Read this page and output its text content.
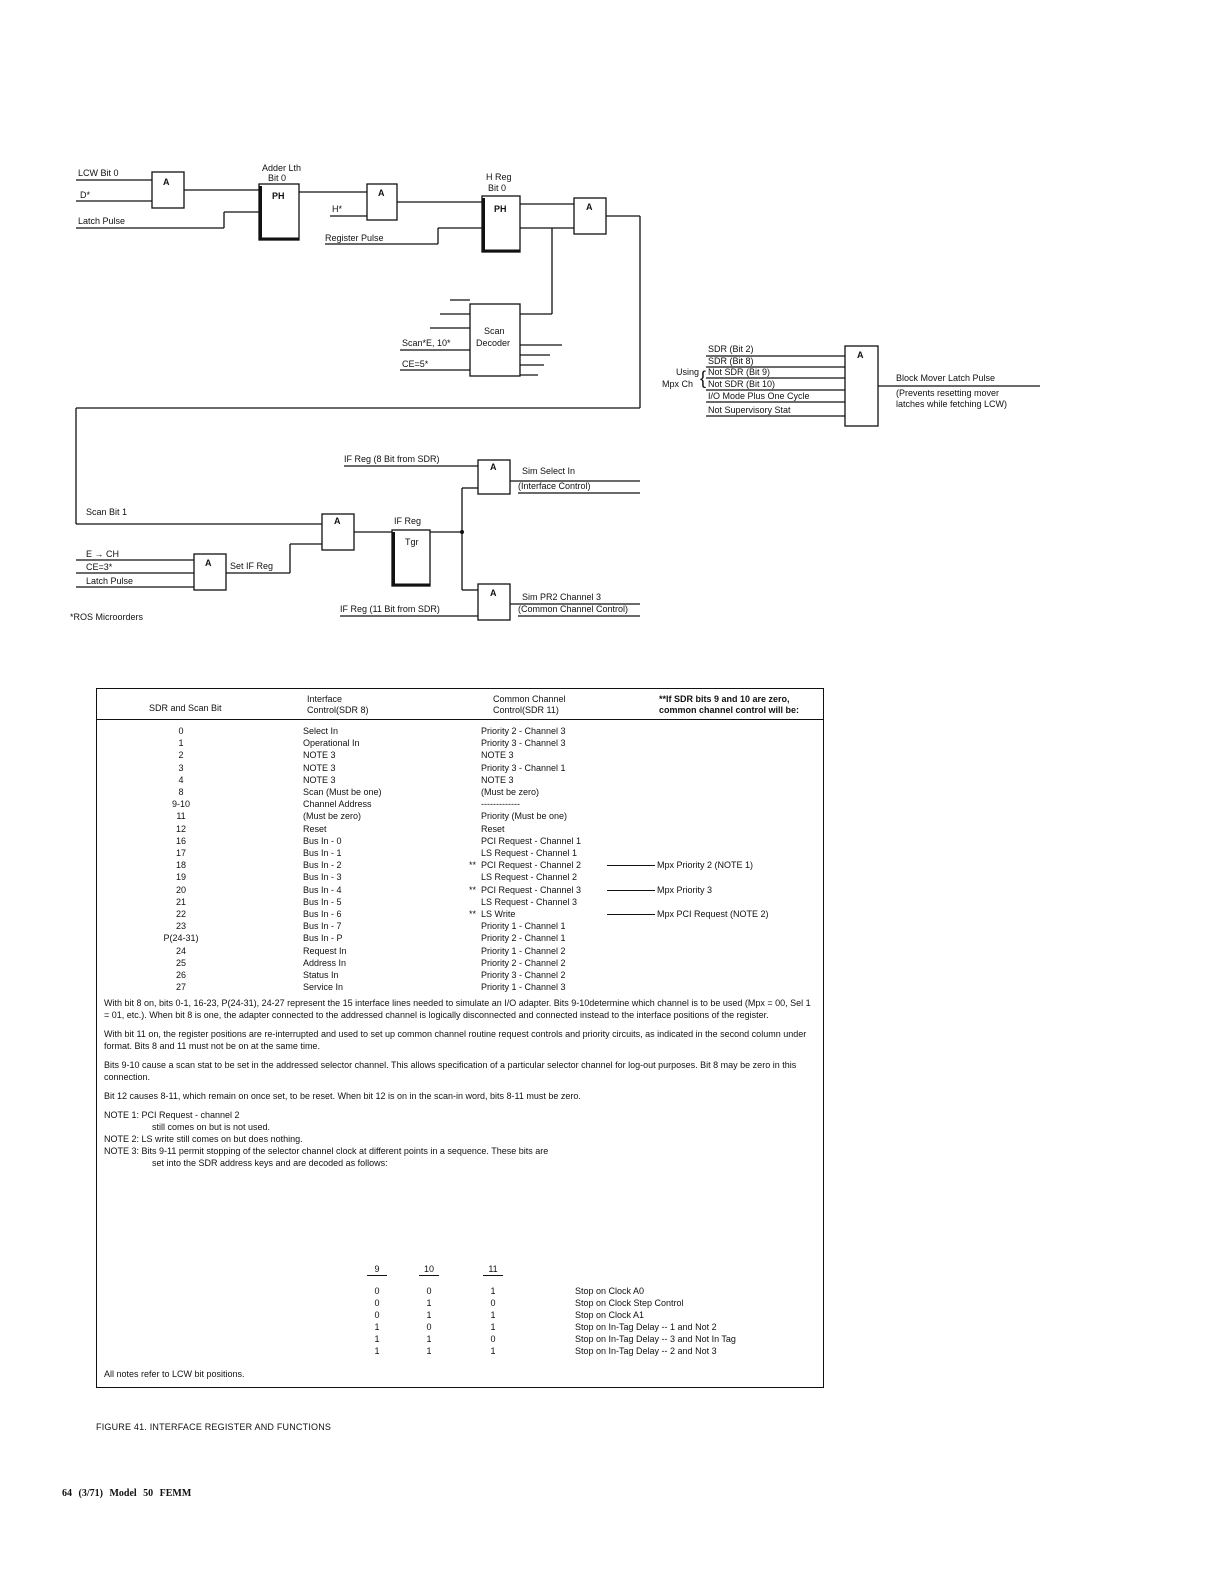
A
PH	A
PH	A
Scan
Decoder
A
A
Tgr
A
A
A
LCW Bit 0
D*
Latch Pulse
Adder Lth
Bit 0
H*
Register Pulse
H Reg
Bit 0
Scan*E, 10*
CE=5*
Scan Bit 1
IF Reg (8 Bit from SDR)
Sim Select In
(Interface Control)
IF Reg
E → CH
CE=3*
Latch Pulse
Set IF Reg
IF Reg (11 Bit from SDR)
Sim PR2 Channel 3
(Common Channel Control)
*ROS Microorders
SDR (Bit 2)
SDR (Bit 8)
Not SDR (Bit 9)
Not SDR (Bit 10)
I/O Mode Plus One Cycle
Not Supervisory Stat
Using
Mpx Ch {	Block Mover Latch Pulse
(Prevents resetting mover
latches while fetching LCW)
SDR and Scan Bit
Interface
Control(SDR 8)
Common Channel
Control(SDR 11)
**If SDR bits 9 and 10 are zero,
common channel control will be:
0	Select In	Priority 2 - Channel 3
1	Operational In	Priority 3 - Channel 3
2	NOTE 3	NOTE 3
3	NOTE 3	Priority 3 - Channel 1
4	NOTE 3	NOTE 3
8	Scan (Must be one)	(Must be zero)
9-10	Channel Address	-------------
11	(Must be zero)	Priority (Must be one)
12	Reset	Reset
16	Bus In - 0	PCI Request - Channel 1
17	Bus In - 1	LS Request - Channel 1
18	Bus In - 2	** PCI Request - Channel 2	Mpx Priority 2 (NOTE 1)
19	Bus In - 3	LS Request - Channel 2
20	Bus In - 4	** PCI Request - Channel 3	Mpx Priority 3
21	Bus In - 5	LS Request - Channel 3
22	Bus In - 6	** LS Write	Mpx PCI Request (NOTE 2)
23	Bus In - 7	Priority 1 - Channel 1
P(24-31)	Bus In - P	Priority 2 - Channel 1
24	Request In	Priority 1 - Channel 2
25	Address In	Priority 2 - Channel 2
26	Status In	Priority 3 - Channel 2
27	Service In	Priority 1 - Channel 3

With bit 8 on, bits 0-1, 16-23, P(24-31), 24-27 represent the 15 interface lines needed to simulate an I/O adapter. Bits 9-10determine which channel is to be used (Mpx = 00, Sel 1 = 01, etc.). When bit 8 is one, the adapter connected to the addressed channel is logically disconnected and connected instead to the interface positions of the register.

With bit 11 on, the register positions are re-interrupted and used to set up common channel routine request controls and priority circuits, as indicated in the second column under format. Bits 8 and 11 must not be on at the same time.

Bits 9-10 cause a scan stat to be set in the addressed selector channel. This allows specification of a particular selector channel for log-out purposes. Bit 8 may be zero in this connection.

Bit 12 causes 8-11, which remain on once set, to be reset. When bit 12 is on in the scan-in word, bits 8-11 must be zero.

NOTE 1: PCI Request - channel 2
still comes on but is not used.
NOTE 2: LS write still comes on but does nothing.
NOTE 3: Bits 9-11 permit stopping of the selector channel clock at different points in a sequence. These bits are
set into the SDR address keys and are decoded as follows:
9	10	11
0	0	1	Stop on Clock A0
0	1	0	Stop on Clock Step Control
0	1	1	Stop on Clock A1
1	0	1	Stop on In-Tag Delay -- 1 and Not 2
1	1	0	Stop on In-Tag Delay -- 3 and Not In Tag
1	1	1	Stop on In-Tag Delay -- 2 and Not 3
All notes refer to LCW bit positions.
FIGURE 41. INTERFACE REGISTER AND FUNCTIONS
64 (3/71) Model 50 FEMM
